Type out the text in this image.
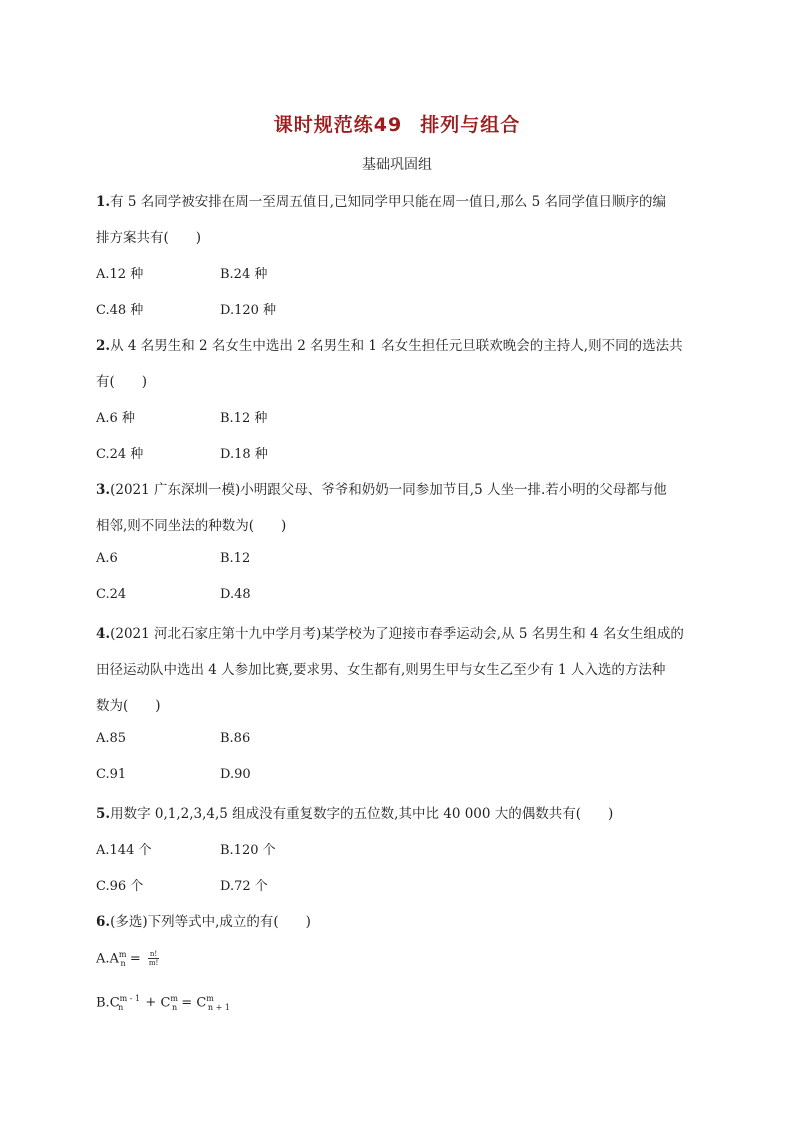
课时规范练49 排列与组合
基础巩固组
1.有 5 名同学被安排在周一至周五值日,已知同学甲只能在周一值日,那么 5 名同学值日顺序的编
排方案共有(　　)
A.12 种	B.24 种
C.48 种	D.120 种
2.从 4 名男生和 2 名女生中选出 2 名男生和 1 名女生担任元旦联欢晚会的主持人,则不同的选法共
有(　　)
A.6 种	B.12 种
C.24 种	D.18 种
3.(2021 广东深圳一模)小明跟父母、爷爷和奶奶一同参加节目,5 人坐一排.若小明的父母都与他
相邻,则不同坐法的种数为(　　)
A.6	B.12
C.24	D.48
4.(2021 河北石家庄第十九中学月考)某学校为了迎接市春季运动会,从 5 名男生和 4 名女生组成的
田径运动队中选出 4 人参加比赛,要求男、女生都有,则男生甲与女生乙至少有 1 人入选的方法种
数为(　　)
A.85	B.86
C.91	D.90
5.用数字 0,1,2,3,4,5 组成没有重复数字的五位数,其中比 40 000 大的偶数共有(　　)
A.144 个	B.120 个
C.96 个	D.72 个
6.(多选)下列等式中,成立的有(　　)
$A.A^m_n = \frac{n!}{m!}$
$B.C^{m - 1}_n + C^m_n = C^m_{n + 1}$
